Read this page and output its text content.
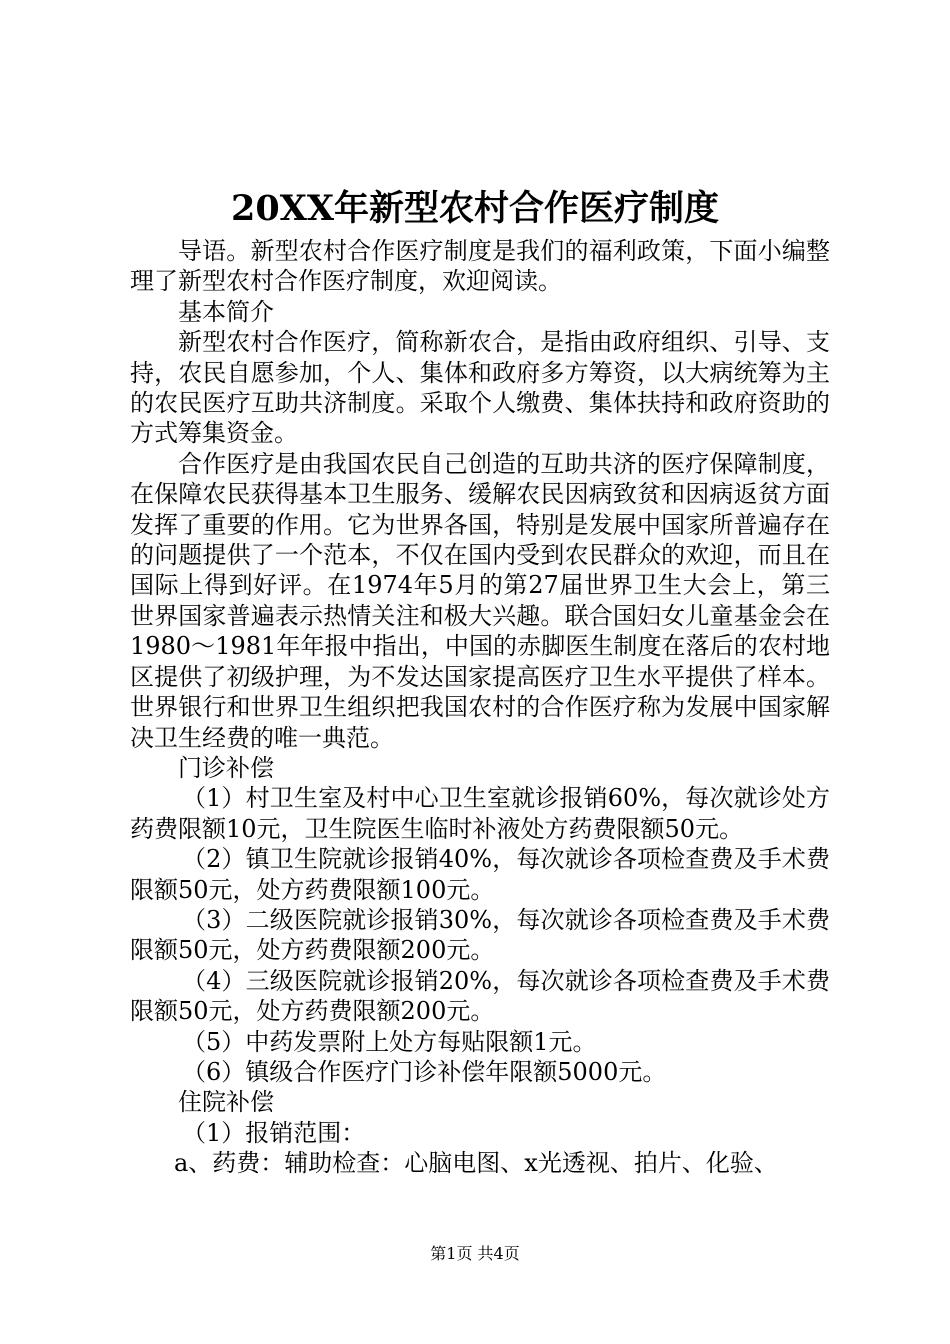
20XX年新型农村合作医疗制度

导语。新型农村合作医疗制度是我们的福利政策，下面小编整理了新型农村合作医疗制度，欢迎阅读。

基本简介

新型农村合作医疗，简称新农合，是指由政府组织、引导、支持，农民自愿参加，个人、集体和政府多方筹资，以大病统筹为主的农民医疗互助共济制度。采取个人缴费、集体扶持和政府资助的方式筹集资金。

合作医疗是由我国农民自己创造的互助共济的医疗保障制度，在保障农民获得基本卫生服务、缓解农民因病致贫和因病返贫方面发挥了重要的作用。它为世界各国，特别是发展中国家所普遍存在的问题提供了一个范本，不仅在国内受到农民群众的欢迎，而且在国际上得到好评。在1974年5月的第27届世界卫生大会上，第三世界国家普遍表示热情关注和极大兴趣。联合国妇女儿童基金会在1980～1981年年报中指出，中国的赤脚医生制度在落后的农村地区提供了初级护理，为不发达国家提高医疗卫生水平提供了样本。世界银行和世界卫生组织把我国农村的合作医疗称为发展中国家解决卫生经费的唯一典范。

门诊补偿

（1）村卫生室及村中心卫生室就诊报销60%，每次就诊处方药费限额10元，卫生院医生临时补液处方药费限额50元。

（2）镇卫生院就诊报销40%，每次就诊各项检查费及手术费限额50元，处方药费限额100元。

（3）二级医院就诊报销30%，每次就诊各项检查费及手术费限额50元，处方药费限额200元。

（4）三级医院就诊报销20%，每次就诊各项检查费及手术费限额50元，处方药费限额200元。

（5）中药发票附上处方每贴限额1元。

（6）镇级合作医疗门诊补偿年限额5000元。

住院补偿

（1）报销范围：

a、药费：辅助检查：心脑电图、x光透视、拍片、化验、

第1页 共4页
